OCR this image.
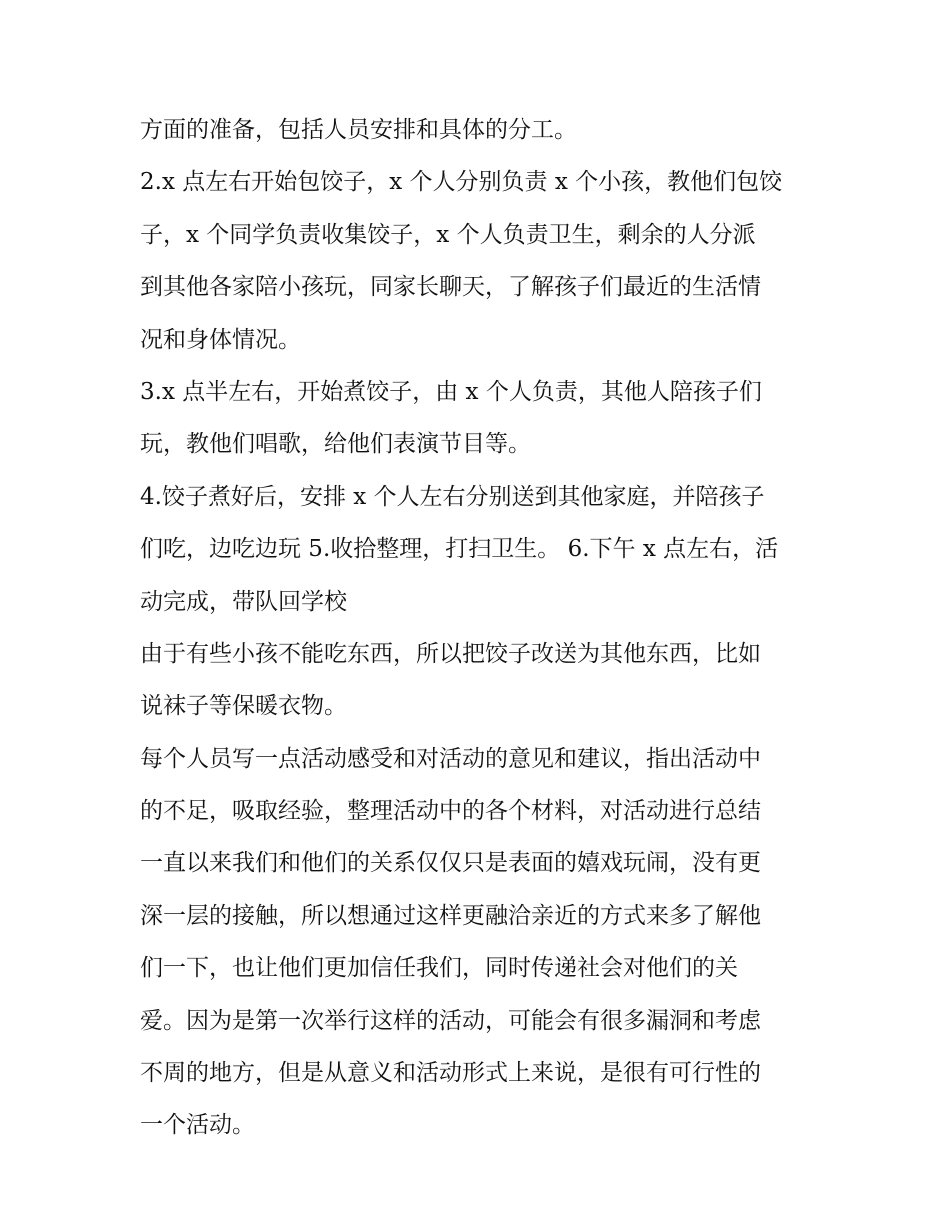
方面的准备，包括人员安排和具体的分工。
2.x 点左右开始包饺子，x 个人分别负责 x 个小孩，教他们包饺
子，x 个同学负责收集饺子，x 个人负责卫生，剩余的人分派
到其他各家陪小孩玩，同家长聊天，了解孩子们最近的生活情
况和身体情况。
3.x 点半左右，开始煮饺子，由 x 个人负责，其他人陪孩子们
玩，教他们唱歌，给他们表演节目等。
4.饺子煮好后，安排 x 个人左右分别送到其他家庭，并陪孩子
们吃，边吃边玩 5.收拾整理，打扫卫生。 6.下午 x 点左右，活
动完成，带队回学校
由于有些小孩不能吃东西，所以把饺子改送为其他东西，比如
说袜子等保暖衣物。
每个人员写一点活动感受和对活动的意见和建议，指出活动中
的不足，吸取经验，整理活动中的各个材料，对活动进行总结
一直以来我们和他们的关系仅仅只是表面的嬉戏玩闹，没有更
深一层的接触，所以想通过这样更融洽亲近的方式来多了解他
们一下，也让他们更加信任我们，同时传递社会对他们的关
爱。因为是第一次举行这样的活动，可能会有很多漏洞和考虑
不周的地方，但是从意义和活动形式上来说，是很有可行性的
一个活动。
